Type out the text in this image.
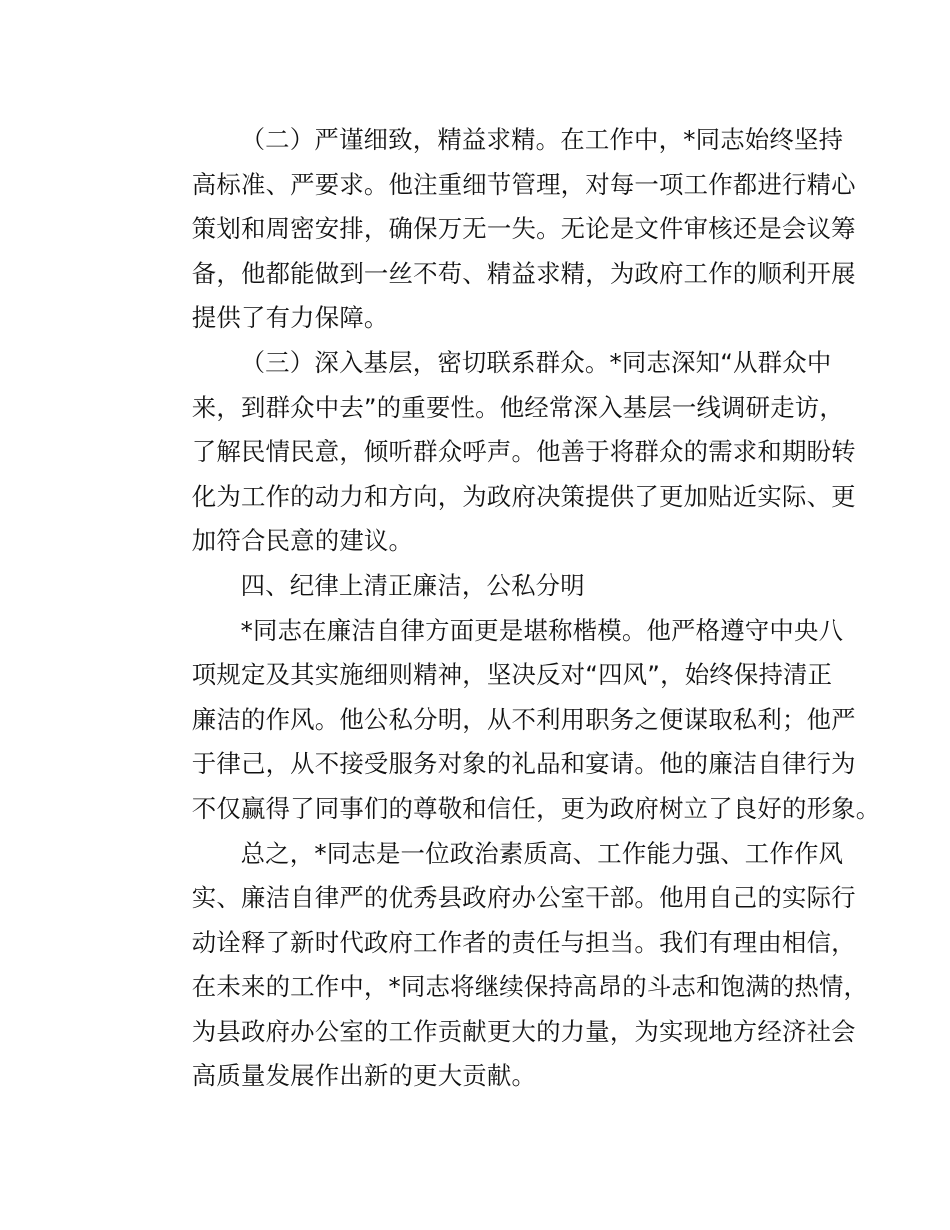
（二）严谨细致，精益求精。在工作中，*同志始终坚持
高标准、严要求。他注重细节管理，对每一项工作都进行精心
策划和周密安排，确保万无一失。无论是文件审核还是会议筹
备，他都能做到一丝不苟、精益求精，为政府工作的顺利开展
提供了有力保障。
（三）深入基层，密切联系群众。*同志深知“从群众中
来，到群众中去”的重要性。他经常深入基层一线调研走访，
了解民情民意，倾听群众呼声。他善于将群众的需求和期盼转
化为工作的动力和方向，为政府决策提供了更加贴近实际、更
加符合民意的建议。
四、纪律上清正廉洁，公私分明
*同志在廉洁自律方面更是堪称楷模。他严格遵守中央八
项规定及其实施细则精神，坚决反对“四风”，始终保持清正
廉洁的作风。他公私分明，从不利用职务之便谋取私利；他严
于律己，从不接受服务对象的礼品和宴请。他的廉洁自律行为
不仅赢得了同事们的尊敬和信任，更为政府树立了良好的形象。
总之，*同志是一位政治素质高、工作能力强、工作作风
实、廉洁自律严的优秀县政府办公室干部。他用自己的实际行
动诠释了新时代政府工作者的责任与担当。我们有理由相信，
在未来的工作中，*同志将继续保持高昂的斗志和饱满的热情，
为县政府办公室的工作贡献更大的力量，为实现地方经济社会
高质量发展作出新的更大贡献。
